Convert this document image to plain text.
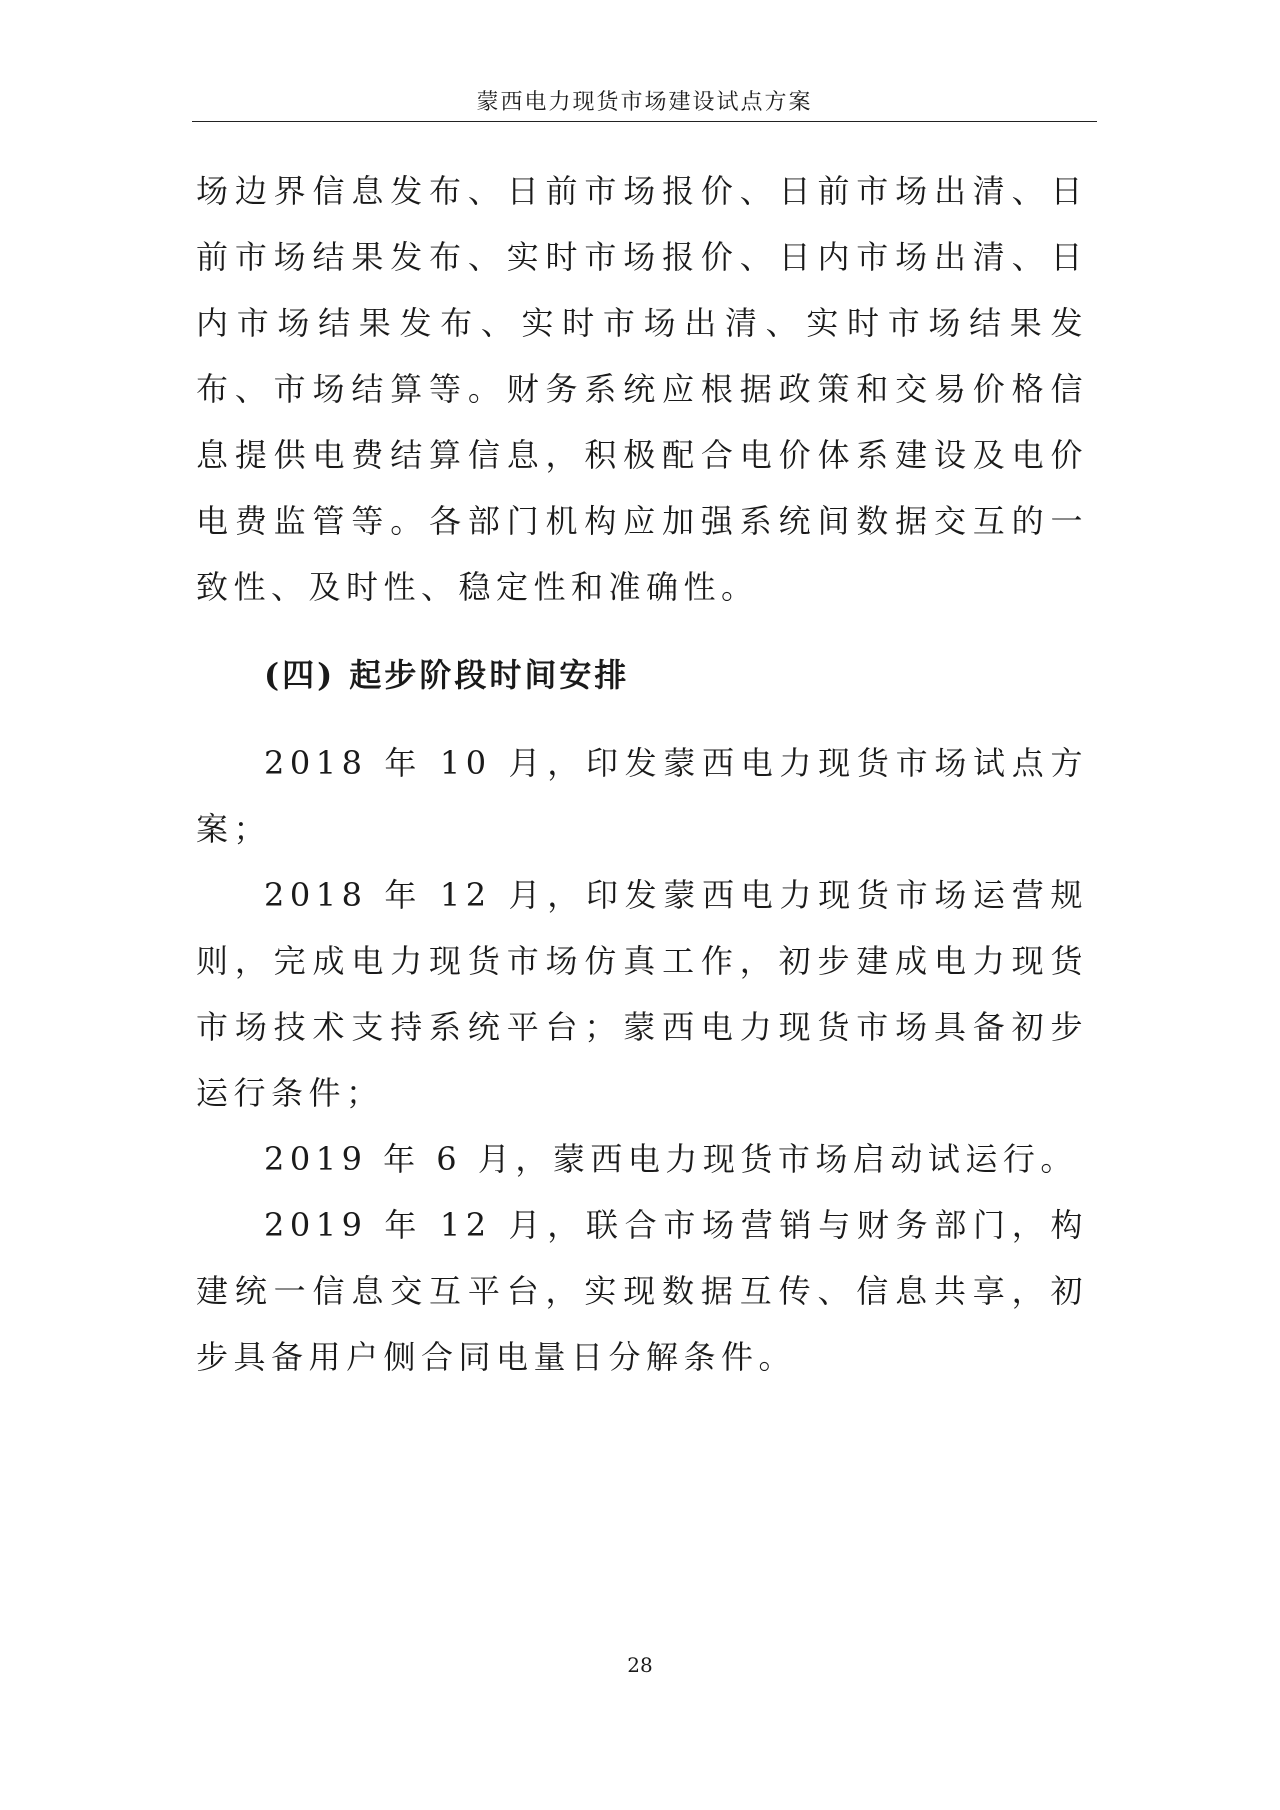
蒙西电力现货市场建设试点方案

场边界信息发布、日前市场报价、日前市场出清、日前市场结果发布、实时市场报价、日内市场出清、日内市场结果发布、实时市场出清、实时市场结果发布、市场结算等。财务系统应根据政策和交易价格信息提供电费结算信息，积极配合电价体系建设及电价电费监管等。各部门机构应加强系统间数据交互的一致性、及时性、稳定性和准确性。

(四) 起步阶段时间安排

2018 年 10 月，印发蒙西电力现货市场试点方案；

2018 年 12 月，印发蒙西电力现货市场运营规则，完成电力现货市场仿真工作，初步建成电力现货市场技术支持系统平台；蒙西电力现货市场具备初步运行条件；

2019 年 6 月，蒙西电力现货市场启动试运行。

2019 年 12 月，联合市场营销与财务部门，构建统一信息交互平台，实现数据互传、信息共享，初步具备用户侧合同电量日分解条件。

28
